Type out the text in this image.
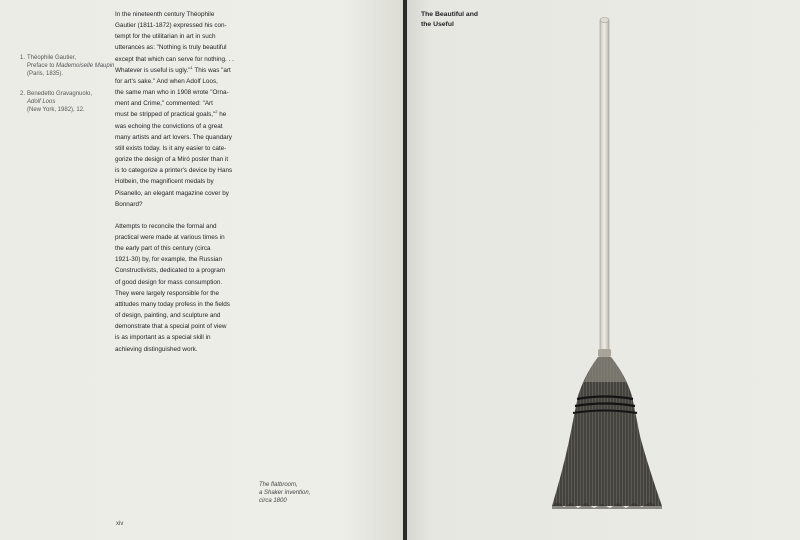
1. Théophile Gautier,
Preface to Mademoiselle Maupin
(Paris, 1835).
2. Benedetto Gravagnuolo,
Adolf Loos
(New York, 1982), 12.

In the nineteenth century Théophile
Gautier (1811-1872) expressed his con-
tempt for the utilitarian in art in such
utterances as: "Nothing is truly beautiful
except that which can serve for nothing. . .
Whatever is useful is ugly."$^1$ This was "art
for art's sake." And when Adolf Loos,
the same man who in 1908 wrote "Orna-
ment and Crime," commented: "Art
must be stripped of practical goals,"$^2$ he
was echoing the convictions of a great
many artists and art lovers. The quandary
still exists today. Is it any easier to cate-
gorize the design of a Miró poster than it
is to categorize a printer's device by Hans
Holbein, the magnificent medals by
Pisanello, an elegant magazine cover by
Bonnard?

Attempts to reconcile the formal and
practical were made at various times in
the early part of this century (circa
1921-30) by, for example, the Russian
Constructivists, dedicated to a program
of good design for mass consumption.
They were largely responsible for the
attitudes many today profess in the fields
of design, painting, and sculpture and
demonstrate that a special point of view
is as important as a special skill in
achieving distinguished work.

The flatbroom,
a Shaker invention,
circa 1800
xiv
The Beautiful and
the Useful
